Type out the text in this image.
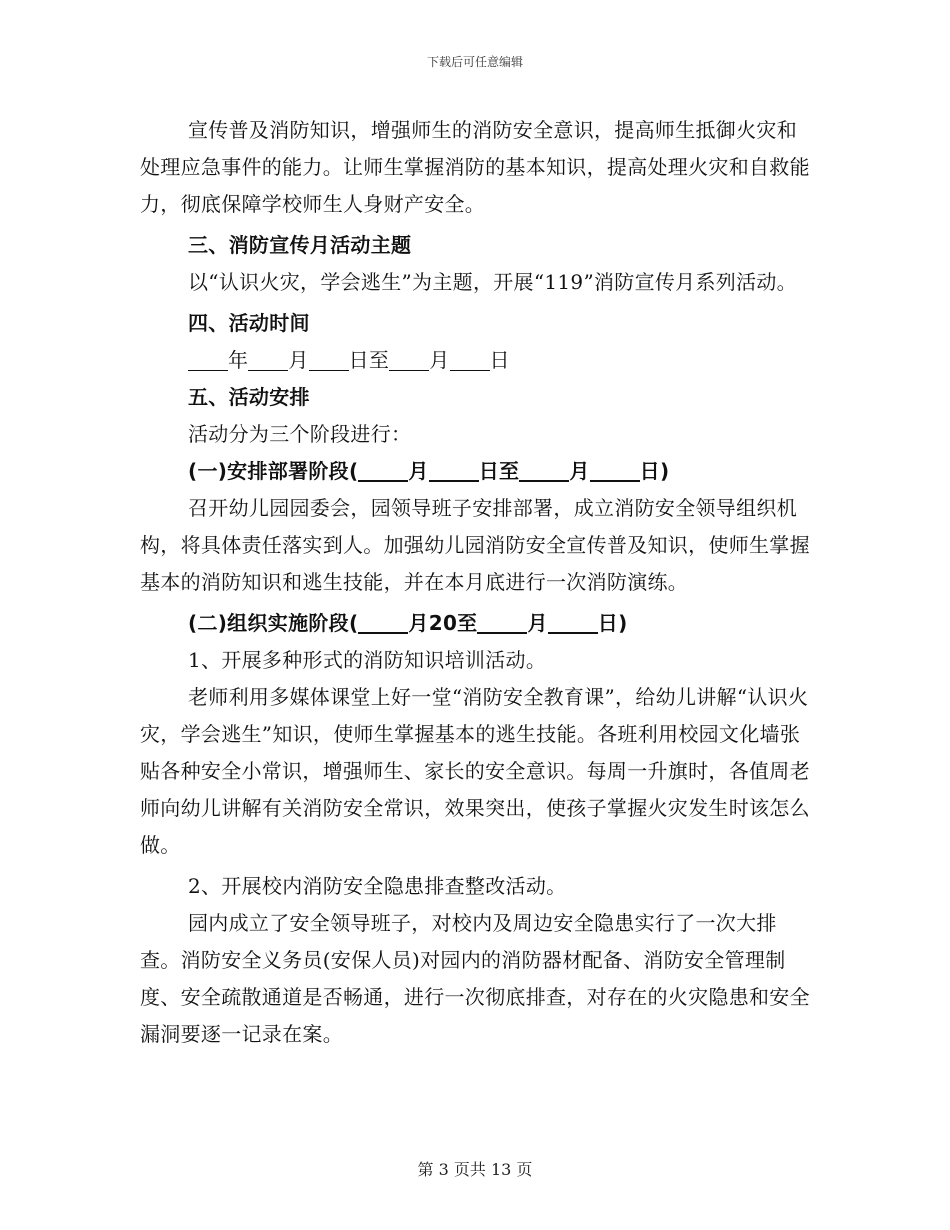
下载后可任意编辑

宣传普及消防知识，增强师生的消防安全意识，提高师生抵御火灾和处理应急事件的能力。让师生掌握消防的基本知识，提高处理火灾和自救能力，彻底保障学校师生人身财产安全。

三、消防宣传月活动主题

以“认识火灾，学会逃生”为主题，开展“119”消防宣传月系列活动。

四、活动时间

年 月 日至 月 日

五、活动安排

活动分为三个阶段进行：

(一)安排部署阶段(	月	日至	月	日)

召开幼儿园园委会，园领导班子安排部署，成立消防安全领导组织机构，将具体责任落实到人。加强幼儿园消防安全宣传普及知识，使师生掌握基本的消防知识和逃生技能，并在本月底进行一次消防演练。

(二)组织实施阶段(	月20至	月	日)

1、开展多种形式的消防知识培训活动。

老师利用多媒体课堂上好一堂“消防安全教育课”，给幼儿讲解“认识火灾，学会逃生”知识，使师生掌握基本的逃生技能。各班利用校园文化墙张贴各种安全小常识，增强师生、家长的安全意识。每周一升旗时，各值周老师向幼儿讲解有关消防安全常识，效果突出，使孩子掌握火灾发生时该怎么做。

2、开展校内消防安全隐患排查整改活动。

园内成立了安全领导班子，对校内及周边安全隐患实行了一次大排查。消防安全义务员(安保人员)对园内的消防器材配备、消防安全管理制度、安全疏散通道是否畅通，进行一次彻底排查，对存在的火灾隐患和安全漏洞要逐一记录在案。

第 3 页共 13 页
